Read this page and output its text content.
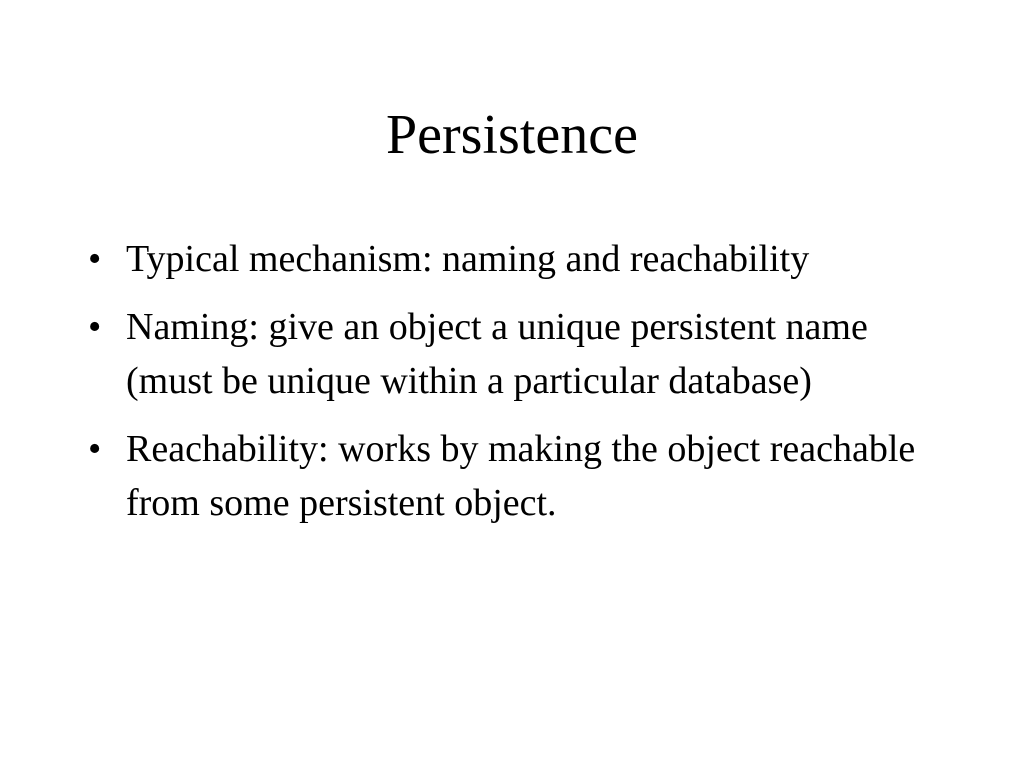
Persistence
• Typical mechanism: naming and reachability
• Naming: give an object a unique persistent name (must be unique within a particular database)
• Reachability: works by making the object reachable from some persistent object.
